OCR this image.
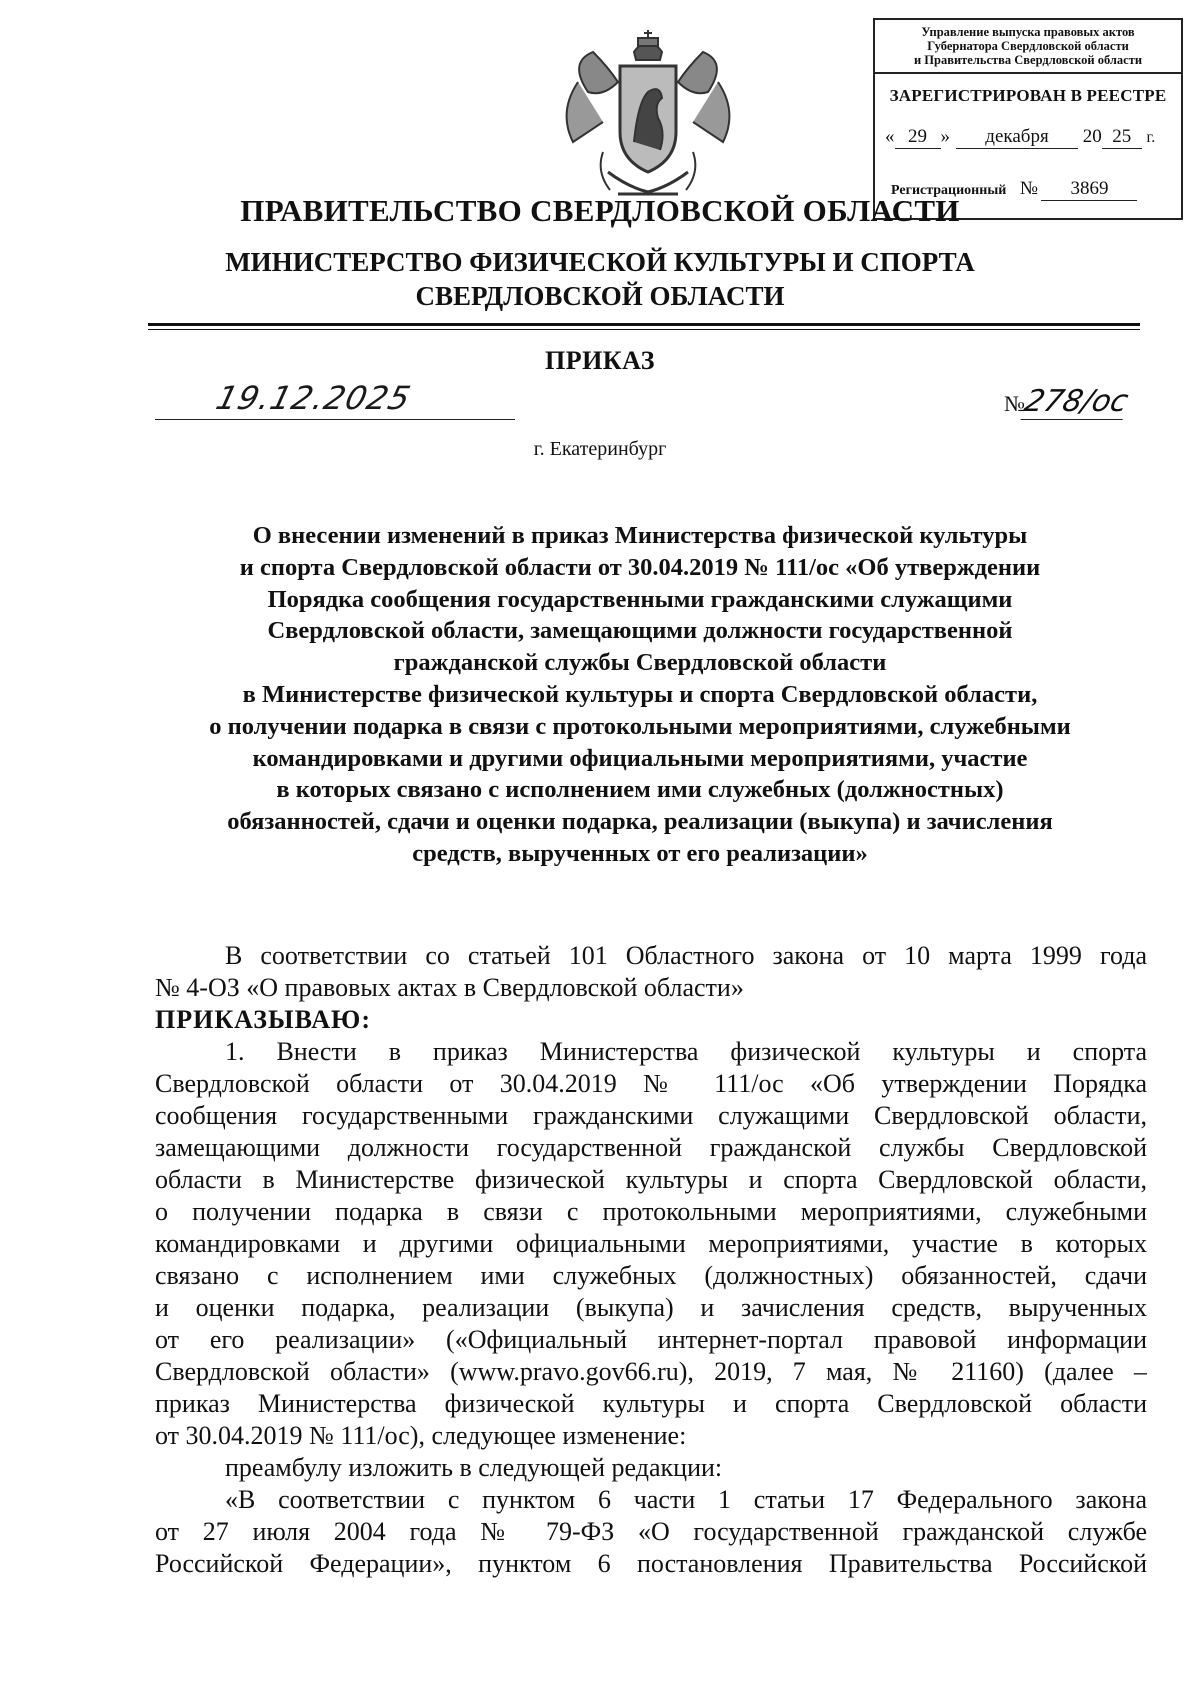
Управление выпуска правовых актов
Губернатора Свердловской области
и Правительства Свердловской области
ЗАРЕГИСТРИРОВАН В РЕЕСТРЕ
« 29 » декабря 20 25 г.
Регистрационный № 3869
ПРАВИТЕЛЬСТВО СВЕРДЛОВСКОЙ ОБЛАСТИ
МИНИСТЕРСТВО ФИЗИЧЕСКОЙ КУЛЬТУРЫ И СПОРТА
СВЕРДЛОВСКОЙ ОБЛАСТИ
ПРИКАЗ
19.12.2025	№278/ос
г. Екатеринбург
О внесении изменений в приказ Министерства физической культуры
и спорта Свердловской области от 30.04.2019 № 111/ос «Об утверждении
Порядка сообщения государственными гражданскими служащими
Свердловской области, замещающими должности государственной
гражданской службы Свердловской области
в Министерстве физической культуры и спорта Свердловской области,
о получении подарка в связи с протокольными мероприятиями, служебными
командировками и другими официальными мероприятиями, участие
в которых связано с исполнением ими служебных (должностных)
обязанностей, сдачи и оценки подарка, реализации (выкупа) и зачисления
средств, вырученных от его реализации»
В соответствии со статьей 101 Областного закона от 10 марта 1999 года
№ 4-ОЗ «О правовых актах в Свердловской области»
ПРИКАЗЫВАЮ:
1. Внести в приказ Министерства физической культуры и спорта
Свердловской области от 30.04.2019 № 111/ос «Об утверждении Порядка
сообщения государственными гражданскими служащими Свердловской области,
замещающими должности государственной гражданской службы Свердловской
области в Министерстве физической культуры и спорта Свердловской области,
о получении подарка в связи с протокольными мероприятиями, служебными
командировками и другими официальными мероприятиями, участие в которых
связано с исполнением ими служебных (должностных) обязанностей, сдачи
и оценки подарка, реализации (выкупа) и зачисления средств, вырученных
от его реализации» («Официальный интернет-портал правовой информации
Свердловской области» (www.pravo.gov66.ru), 2019, 7 мая, № 21160) (далее –
приказ Министерства физической культуры и спорта Свердловской области
от 30.04.2019 № 111/ос), следующее изменение:
преамбулу изложить в следующей редакции:
«В соответствии с пунктом 6 части 1 статьи 17 Федерального закона
от 27 июля 2004 года № 79-ФЗ «О государственной гражданской службе
Российской Федерации», пунктом 6 постановления Правительства Российской
